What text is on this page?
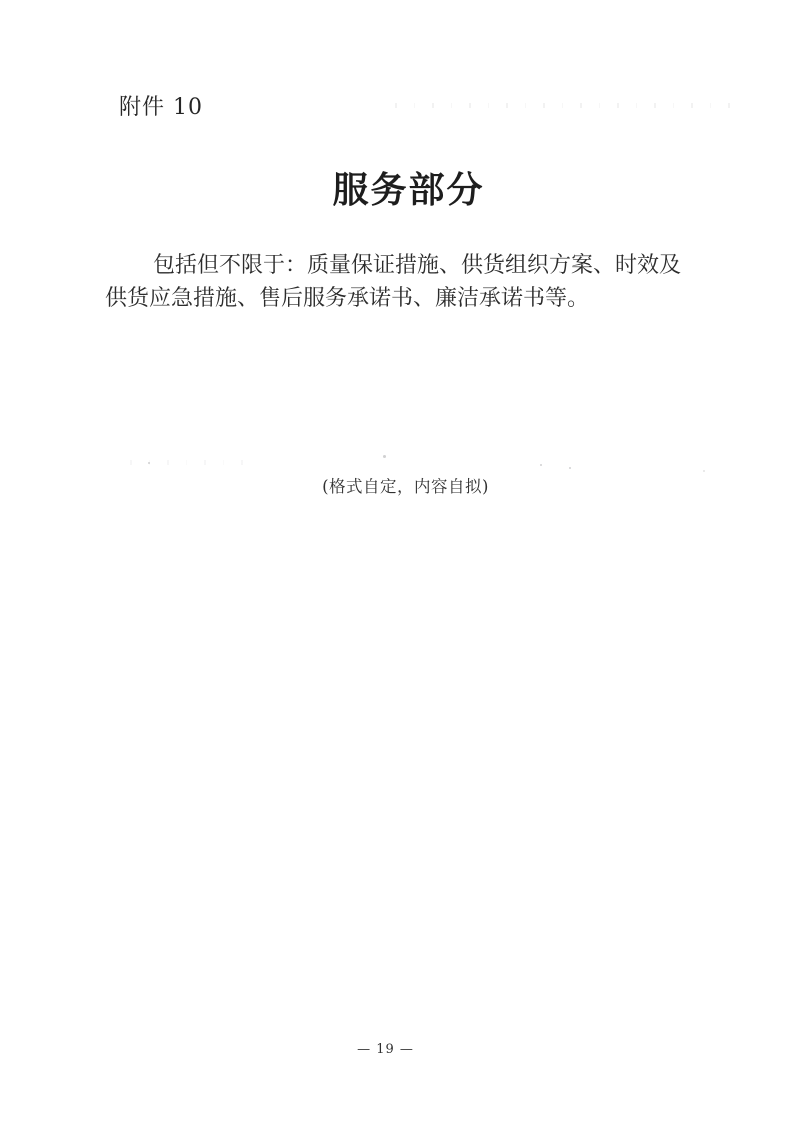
附件 10
服务部分

包括但不限于：质量保证措施、供货组织方案、时效及
供货应急措施、售后服务承诺书、廉洁承诺书等。

(格式自定，内容自拟)
— 19 —
